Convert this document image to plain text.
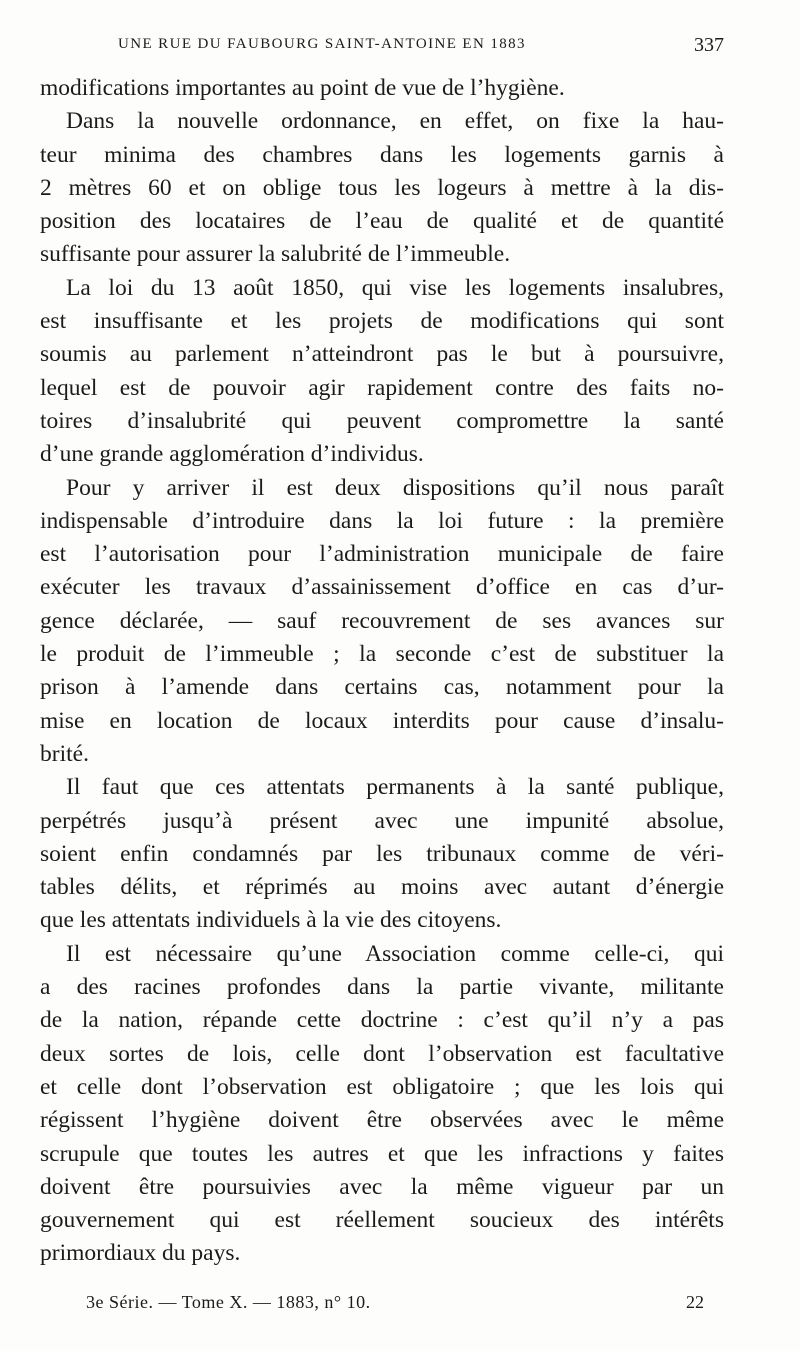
UNE RUE DU FAUBOURG SAINT-ANTOINE EN 1883	337
modifications importantes au point de vue de l’hygiène.
Dans la nouvelle ordonnance, en effet, on fixe la hau-
teur minima des chambres dans les logements garnis à
2 mètres 60 et on oblige tous les logeurs à mettre à la dis-
position des locataires de l’eau de qualité et de quantité
suffisante pour assurer la salubrité de l’immeuble.
La loi du 13 août 1850, qui vise les logements insalubres,
est insuffisante et les projets de modifications qui sont
soumis au parlement n’atteindront pas le but à poursuivre,
lequel est de pouvoir agir rapidement contre des faits no-
toires d’insalubrité qui peuvent compromettre la santé
d’une grande agglomération d’individus.
Pour y arriver il est deux dispositions qu’il nous paraît
indispensable d’introduire dans la loi future : la première
est l’autorisation pour l’administration municipale de faire
exécuter les travaux d’assainissement d’office en cas d’ur-
gence déclarée, — sauf recouvrement de ses avances sur
le produit de l’immeuble ; la seconde c’est de substituer la
prison à l’amende dans certains cas, notamment pour la
mise en location de locaux interdits pour cause d’insalu-
brité.
Il faut que ces attentats permanents à la santé publique,
perpétrés jusqu’à présent avec une impunité absolue,
soient enfin condamnés par les tribunaux comme de véri-
tables délits, et réprimés au moins avec autant d’énergie
que les attentats individuels à la vie des citoyens.
Il est nécessaire qu’une Association comme celle-ci, qui
a des racines profondes dans la partie vivante, militante
de la nation, répande cette doctrine : c’est qu’il n’y a pas
deux sortes de lois, celle dont l’observation est facultative
et celle dont l’observation est obligatoire ; que les lois qui
régissent l’hygiène doivent être observées avec le même
scrupule que toutes les autres et que les infractions y faites
doivent être poursuivies avec la même vigueur par un
gouvernement qui est réellement soucieux des intérêts
primordiaux du pays.
3e Série. — Tome X. — 1883, n° 10.	22
